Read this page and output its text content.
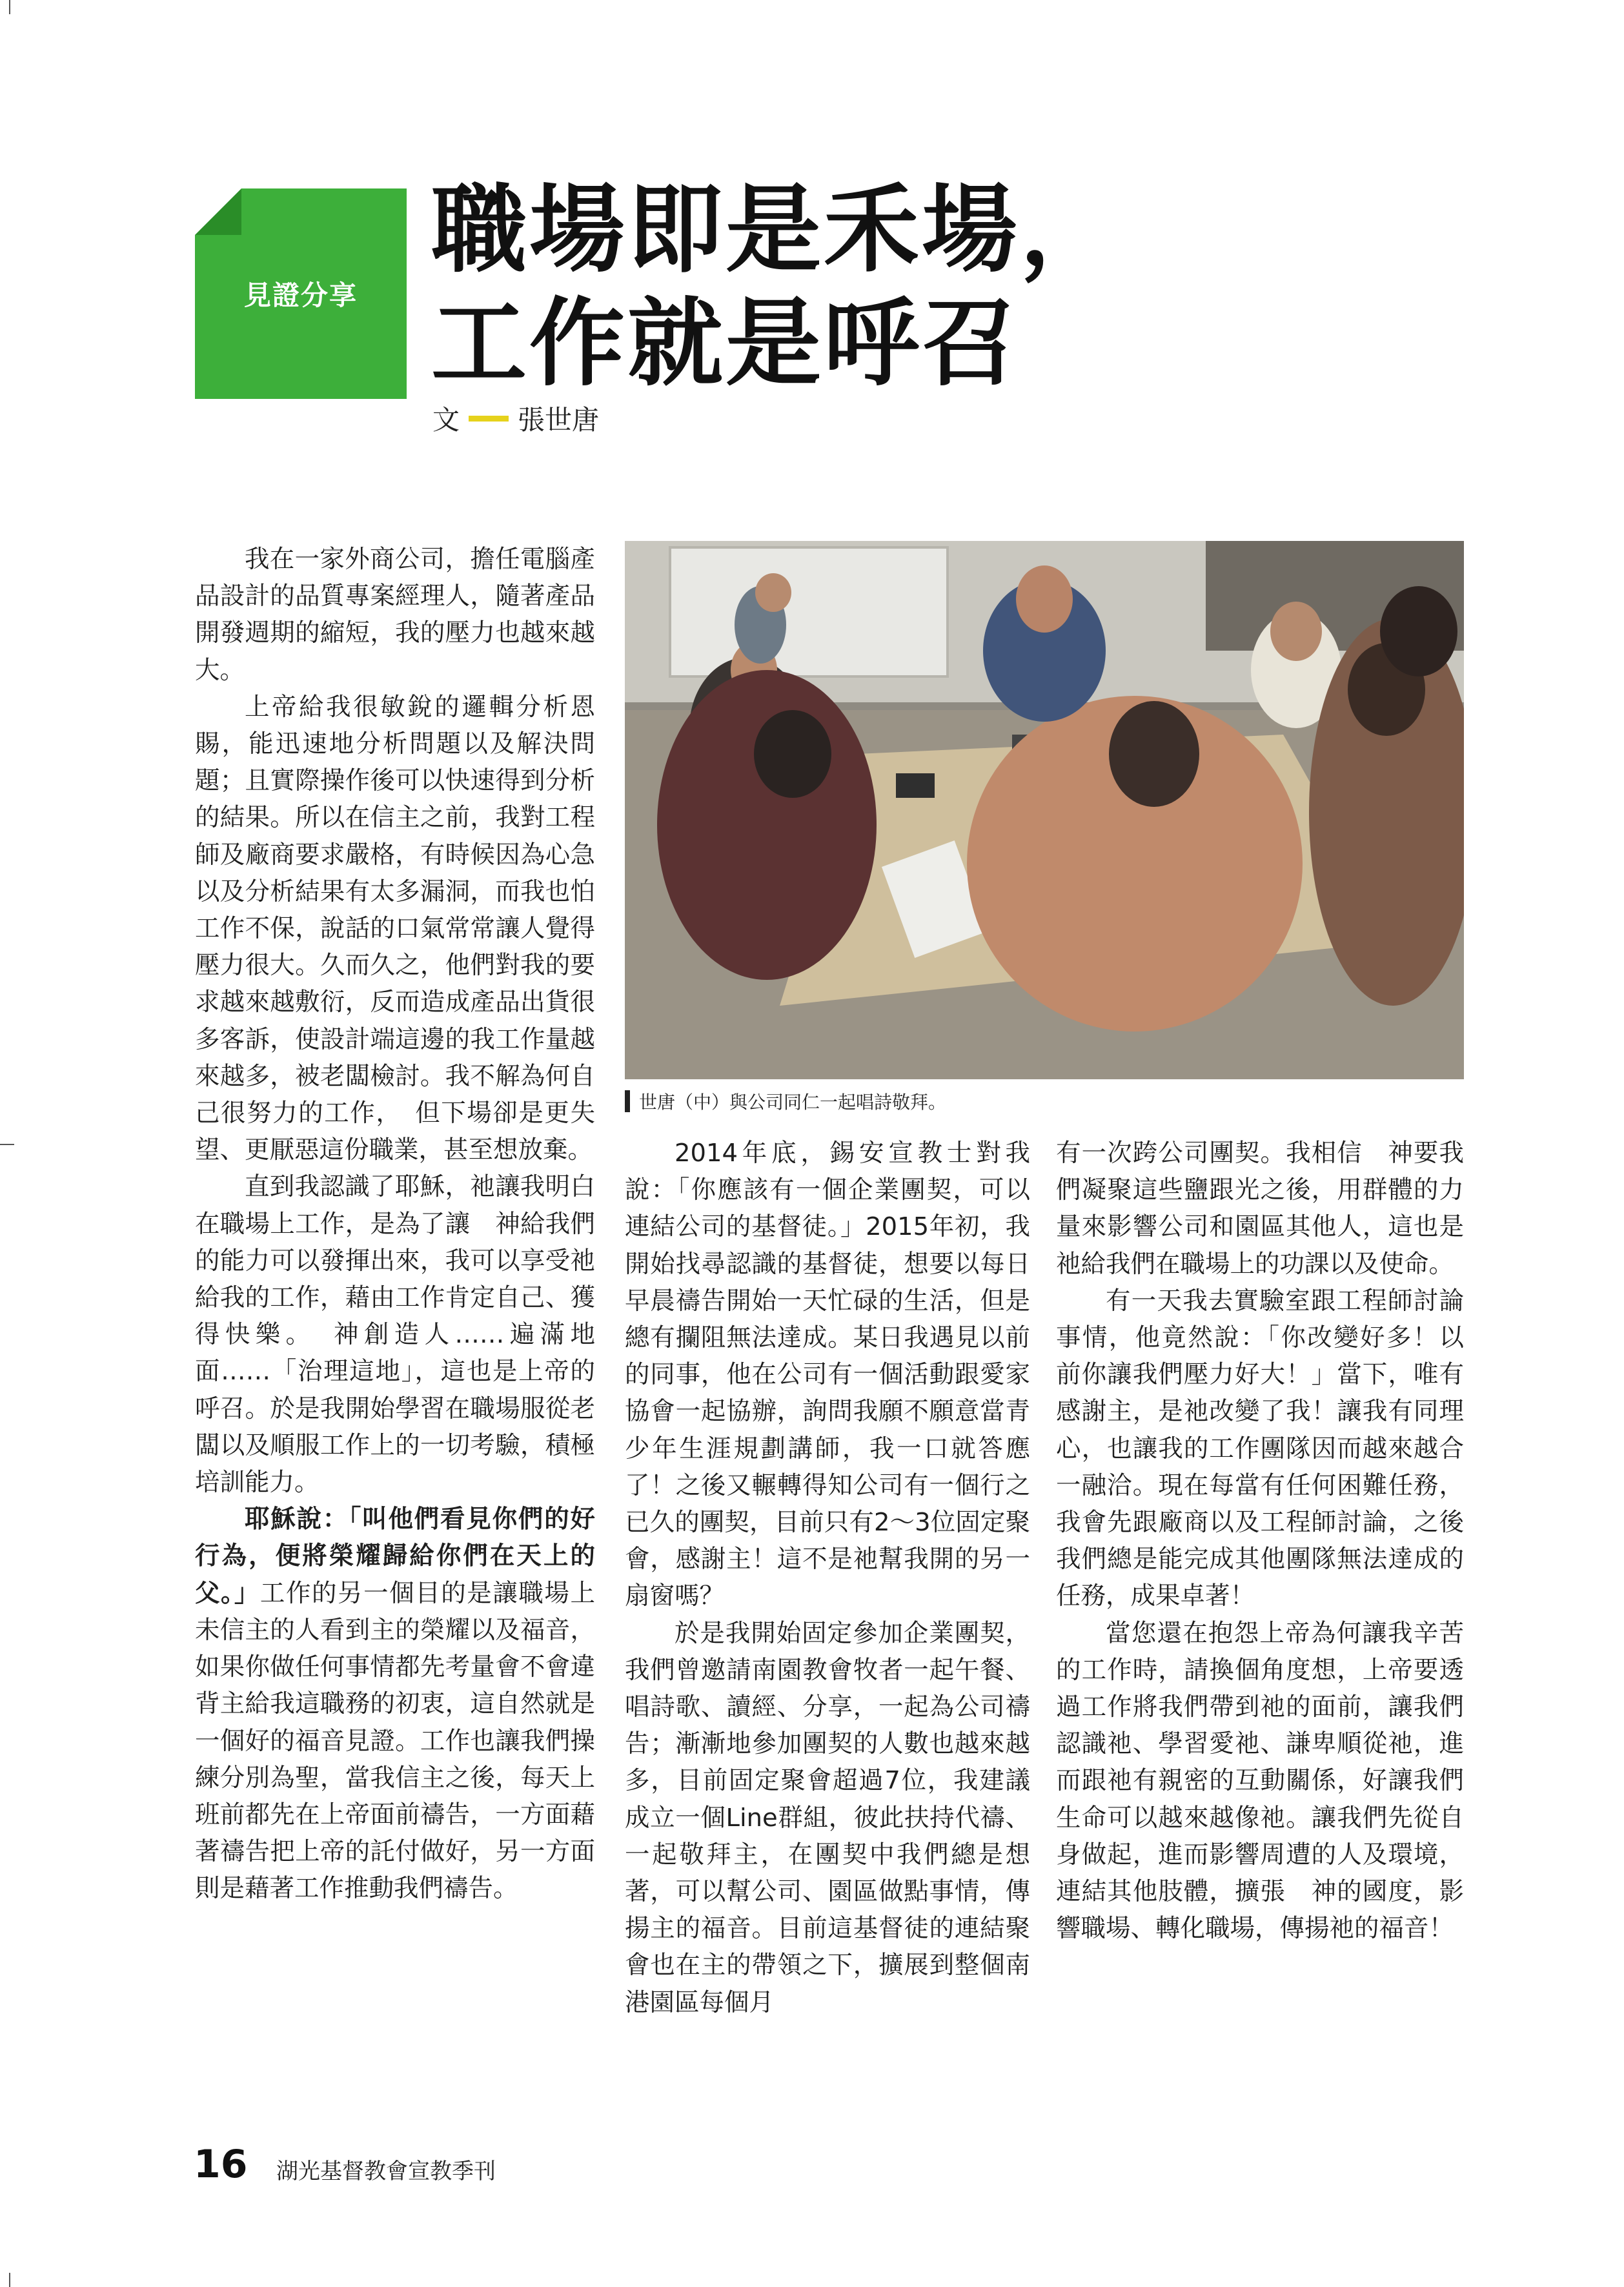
見證分享
職場即是禾場，
工作就是呼召
文 張世唐

我在一家外商公司，擔任電腦產品設計的品質專案經理人，隨著產品開發週期的縮短，我的壓力也越來越大。

上帝給我很敏銳的邏輯分析恩賜，能迅速地分析問題以及解決問題；且實際操作後可以快速得到分析的結果。所以在信主之前，我對工程師及廠商要求嚴格，有時候因為心急以及分析結果有太多漏洞，而我也怕工作不保，說話的口氣常常讓人覺得壓力很大。久而久之，他們對我的要求越來越敷衍，反而造成產品出貨很多客訴，使設計端這邊的我工作量越來越多，被老闆檢討。我不解為何自己很努力的工作，　但下場卻是更失望、更厭惡這份職業，甚至想放棄。

直到我認識了耶穌，祂讓我明白在職場上工作，是為了讓　神給我們的能力可以發揮出來，我可以享受祂給我的工作，藉由工作肯定自己、獲得快樂。　神創造人……遍滿地面……「治理這地」，這也是上帝的呼召。於是我開始學習在職場服從老闆以及順服工作上的一切考驗，積極培訓能力。

耶穌說：「叫他們看見你們的好行為，便將榮耀歸給你們在天上的父。」工作的另一個目的是讓職場上未信主的人看到主的榮耀以及福音，如果你做任何事情都先考量會不會違背主給我這職務的初衷，這自然就是一個好的福音見證。工作也讓我們操練分別為聖，當我信主之後，每天上班前都先在上帝面前禱告，一方面藉著禱告把上帝的託付做好，另一方面則是藉著工作推動我們禱告。

世唐（中）與公司同仁一起唱詩敬拜。

2014年底，錫安宣教士對我說：「你應該有一個企業團契，可以連結公司的基督徒。」2015年初，我開始找尋認識的基督徒，想要以每日早晨禱告開始一天忙碌的生活，但是總有攔阻無法達成。某日我遇見以前的同事，他在公司有一個活動跟愛家協會一起協辦，詢問我願不願意當青少年生涯規劃講師，我一口就答應了！之後又輾轉得知公司有一個行之已久的團契，目前只有2～3位固定聚會，感謝主！這不是祂幫我開的另一扇窗嗎？

於是我開始固定參加企業團契，我們曾邀請南園教會牧者一起午餐、唱詩歌、讀經、分享，一起為公司禱告；漸漸地參加團契的人數也越來越多，目前固定聚會超過7位，我建議成立一個Line群組，彼此扶持代禱、一起敬拜主，在團契中我們總是想著，可以幫公司、園區做點事情，傳揚主的福音。目前這基督徒的連結聚會也在主的帶領之下，擴展到整個南港園區每個月

有一次跨公司團契。我相信　神要我們凝聚這些鹽跟光之後，用群體的力量來影響公司和園區其他人，這也是祂給我們在職場上的功課以及使命。

有一天我去實驗室跟工程師討論事情，他竟然說：「你改變好多！以前你讓我們壓力好大！」當下，唯有感謝主，是祂改變了我！讓我有同理心，也讓我的工作團隊因而越來越合一融洽。現在每當有任何困難任務，我會先跟廠商以及工程師討論，之後我們總是能完成其他團隊無法達成的任務，成果卓著！

當您還在抱怨上帝為何讓我辛苦的工作時，請換個角度想，上帝要透過工作將我們帶到祂的面前，讓我們認識祂、學習愛祂、謙卑順從祂，進而跟祂有親密的互動關係，好讓我們生命可以越來越像祂。讓我們先從自身做起，進而影響周遭的人及環境，連結其他肢體，擴張　神的國度，影響職場、轉化職場，傳揚祂的福音！

16 湖光基督教會宣教季刊
